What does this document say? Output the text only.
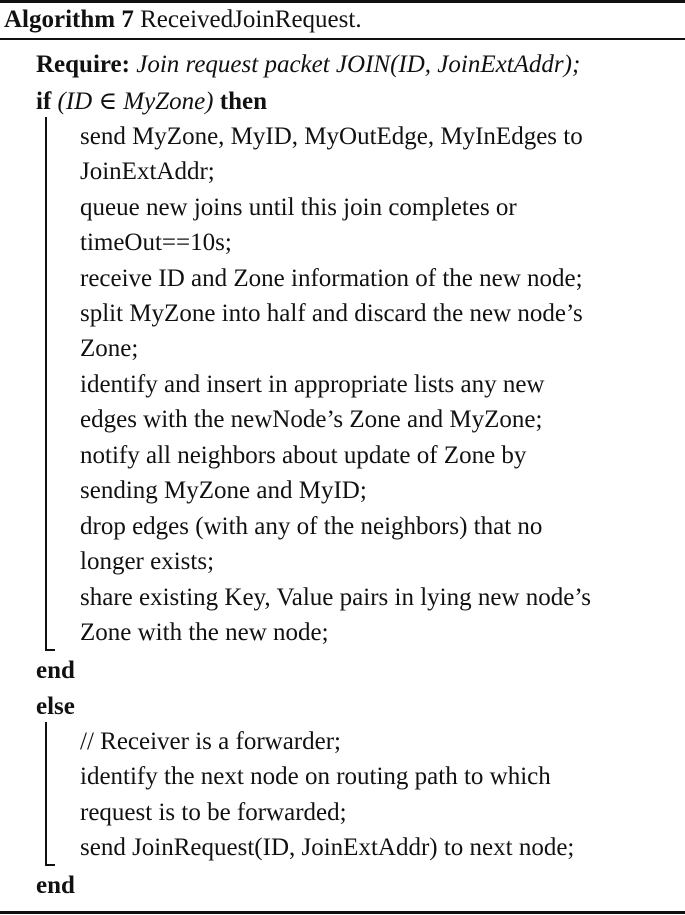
Algorithm 7 ReceivedJoinRequest.
Require: Join request packet JOIN(ID, JoinExtAddr);
if (ID ∈ MyZone) then
send MyZone, MyID, MyOutEdge, MyInEdges to
JoinExtAddr;
queue new joins until this join completes or
timeOut==10s;
receive ID and Zone information of the new node;
split MyZone into half and discard the new node’s
Zone;
identify and insert in appropriate lists any new
edges with the newNode’s Zone and MyZone;
notify all neighbors about update of Zone by
sending MyZone and MyID;
drop edges (with any of the neighbors) that no
longer exists;
share existing Key, Value pairs in lying new node’s
Zone with the new node;
end
else
// Receiver is a forwarder;
identify the next node on routing path to which
request is to be forwarded;
send JoinRequest(ID, JoinExtAddr) to next node;
end
